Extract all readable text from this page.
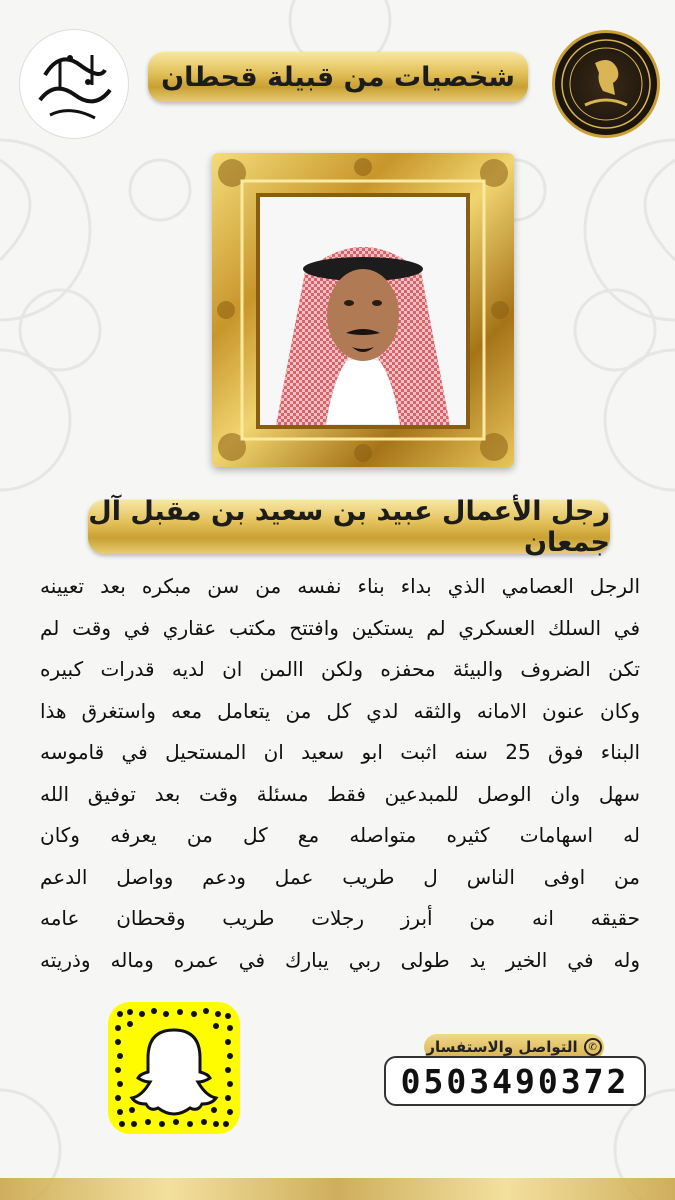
شخصيات من قبيلة قحطان
رجل الأعمال عبيد بن سعيد بن مقبل آل جمعان
الرجل العصامي الذي بداء بناء نفسه من سن مبكره بعد تعيينه
في السلك العسكري لم يستكين وافتتح مكتب عقاري في وقت لم
تكن الضروف والبيئة محفزه ولكن االمن ان لديه قدرات كبيره
وكان عنون الامانه والثقه لدي كل من يتعامل معه واستغرق هذا
البناء فوق 25 سنه اثبت ابو سعيد ان المستحيل في قاموسه
سهل وان الوصل للمبدعين فقط مسئلة وقت بعد توفيق الله
له اسهامات كثيره متواصله مع كل من يعرفه وكان
من اوفى الناس ل طريب عمل ودعم وواصل الدعم
حقيقه انه من أبرز رجلات طريب وقحطان عامه
وله في الخير يد طولى ربي يبارك في عمره وماله وذريته
✆
التواصل والاستفسار
0503490372
